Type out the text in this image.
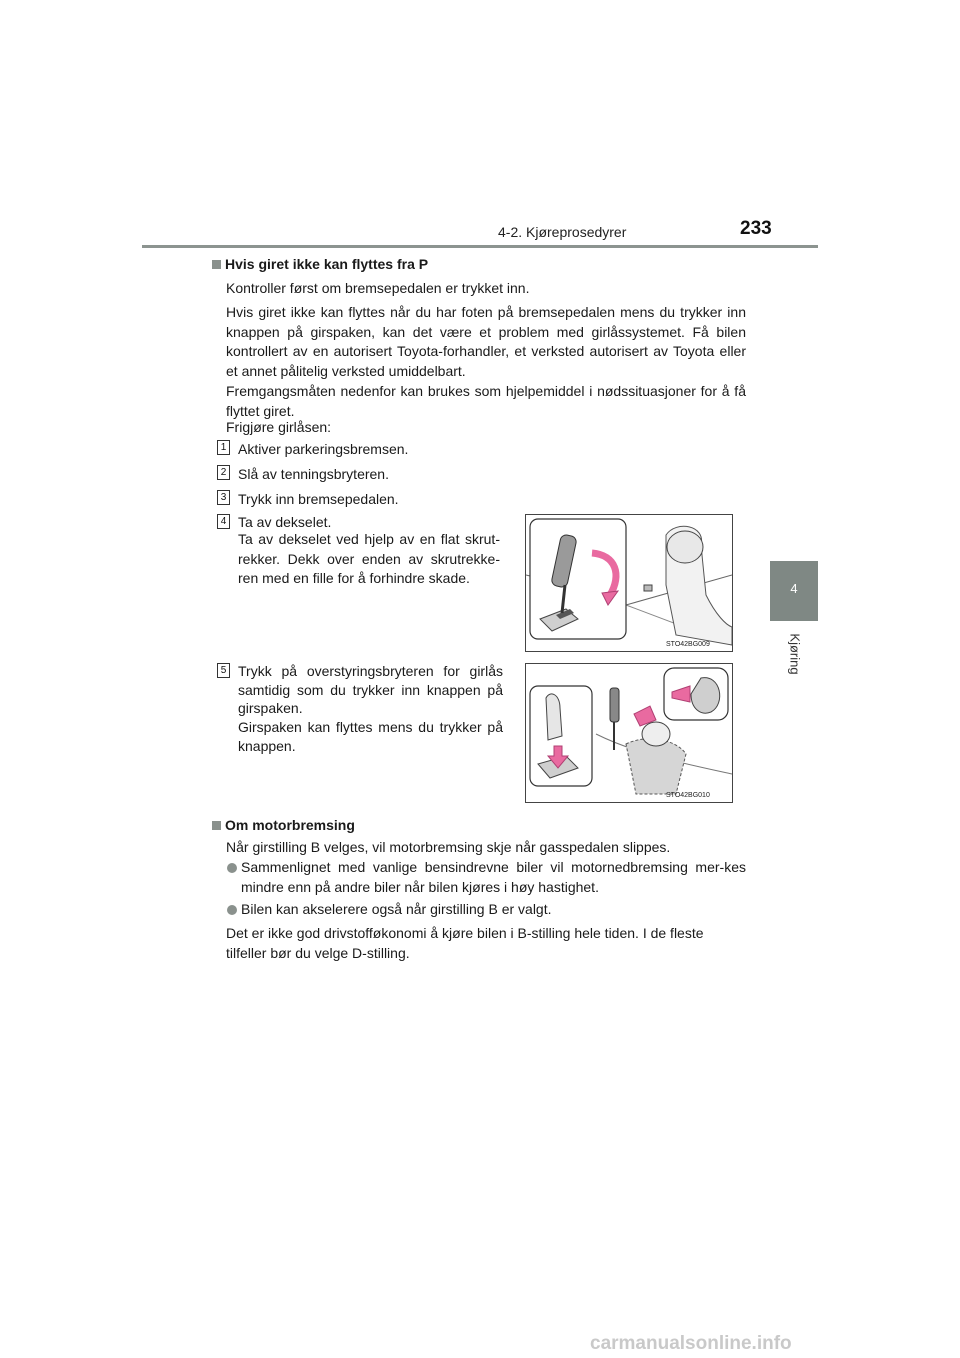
4-2. Kjøreprosedyrer	233
4
Kjøring
Hvis giret ikke kan flyttes fra P
Kontroller først om bremsepedalen er trykket inn.
Hvis giret ikke kan flyttes når du har foten på bremsepedalen mens du trykker inn knappen på girspaken, kan det være et problem med girlåssystemet. Få bilen kontrollert av en autorisert Toyota-forhandler, et verksted autorisert av Toyota eller et annet pålitelig verksted umiddelbart.
Fremgangsmåten nedenfor kan brukes som hjelpemiddel i nødssituasjoner for å få flyttet giret.
Frigjøre girlåsen:
1 Aktiver parkeringsbremsen.
2 Slå av tenningsbryteren.
3 Trykk inn bremsepedalen.
4 Ta av dekselet.
Ta av dekselet ved hjelp av en flat skrut-rekker. Dekk over enden av skrutrekke-ren med en fille for å forhindre skade.
STO42BG009
5 Trykk på overstyringsbryteren for girlås samtidig som du trykker inn knappen på girspaken.
Girspaken kan flyttes mens du trykker på knappen.
STO42BG010
Om motorbremsing
Når girstilling B velges, vil motorbremsing skje når gasspedalen slippes.
Sammenlignet med vanlige bensindrevne biler vil motornedbremsing mer-kes mindre enn på andre biler når bilen kjøres i høy hastighet.
Bilen kan akselerere også når girstilling B er valgt.
Det er ikke god drivstofføkonomi å kjøre bilen i B-stilling hele tiden. I de fleste tilfeller bør du velge D-stilling.
carmanualsonline.info
